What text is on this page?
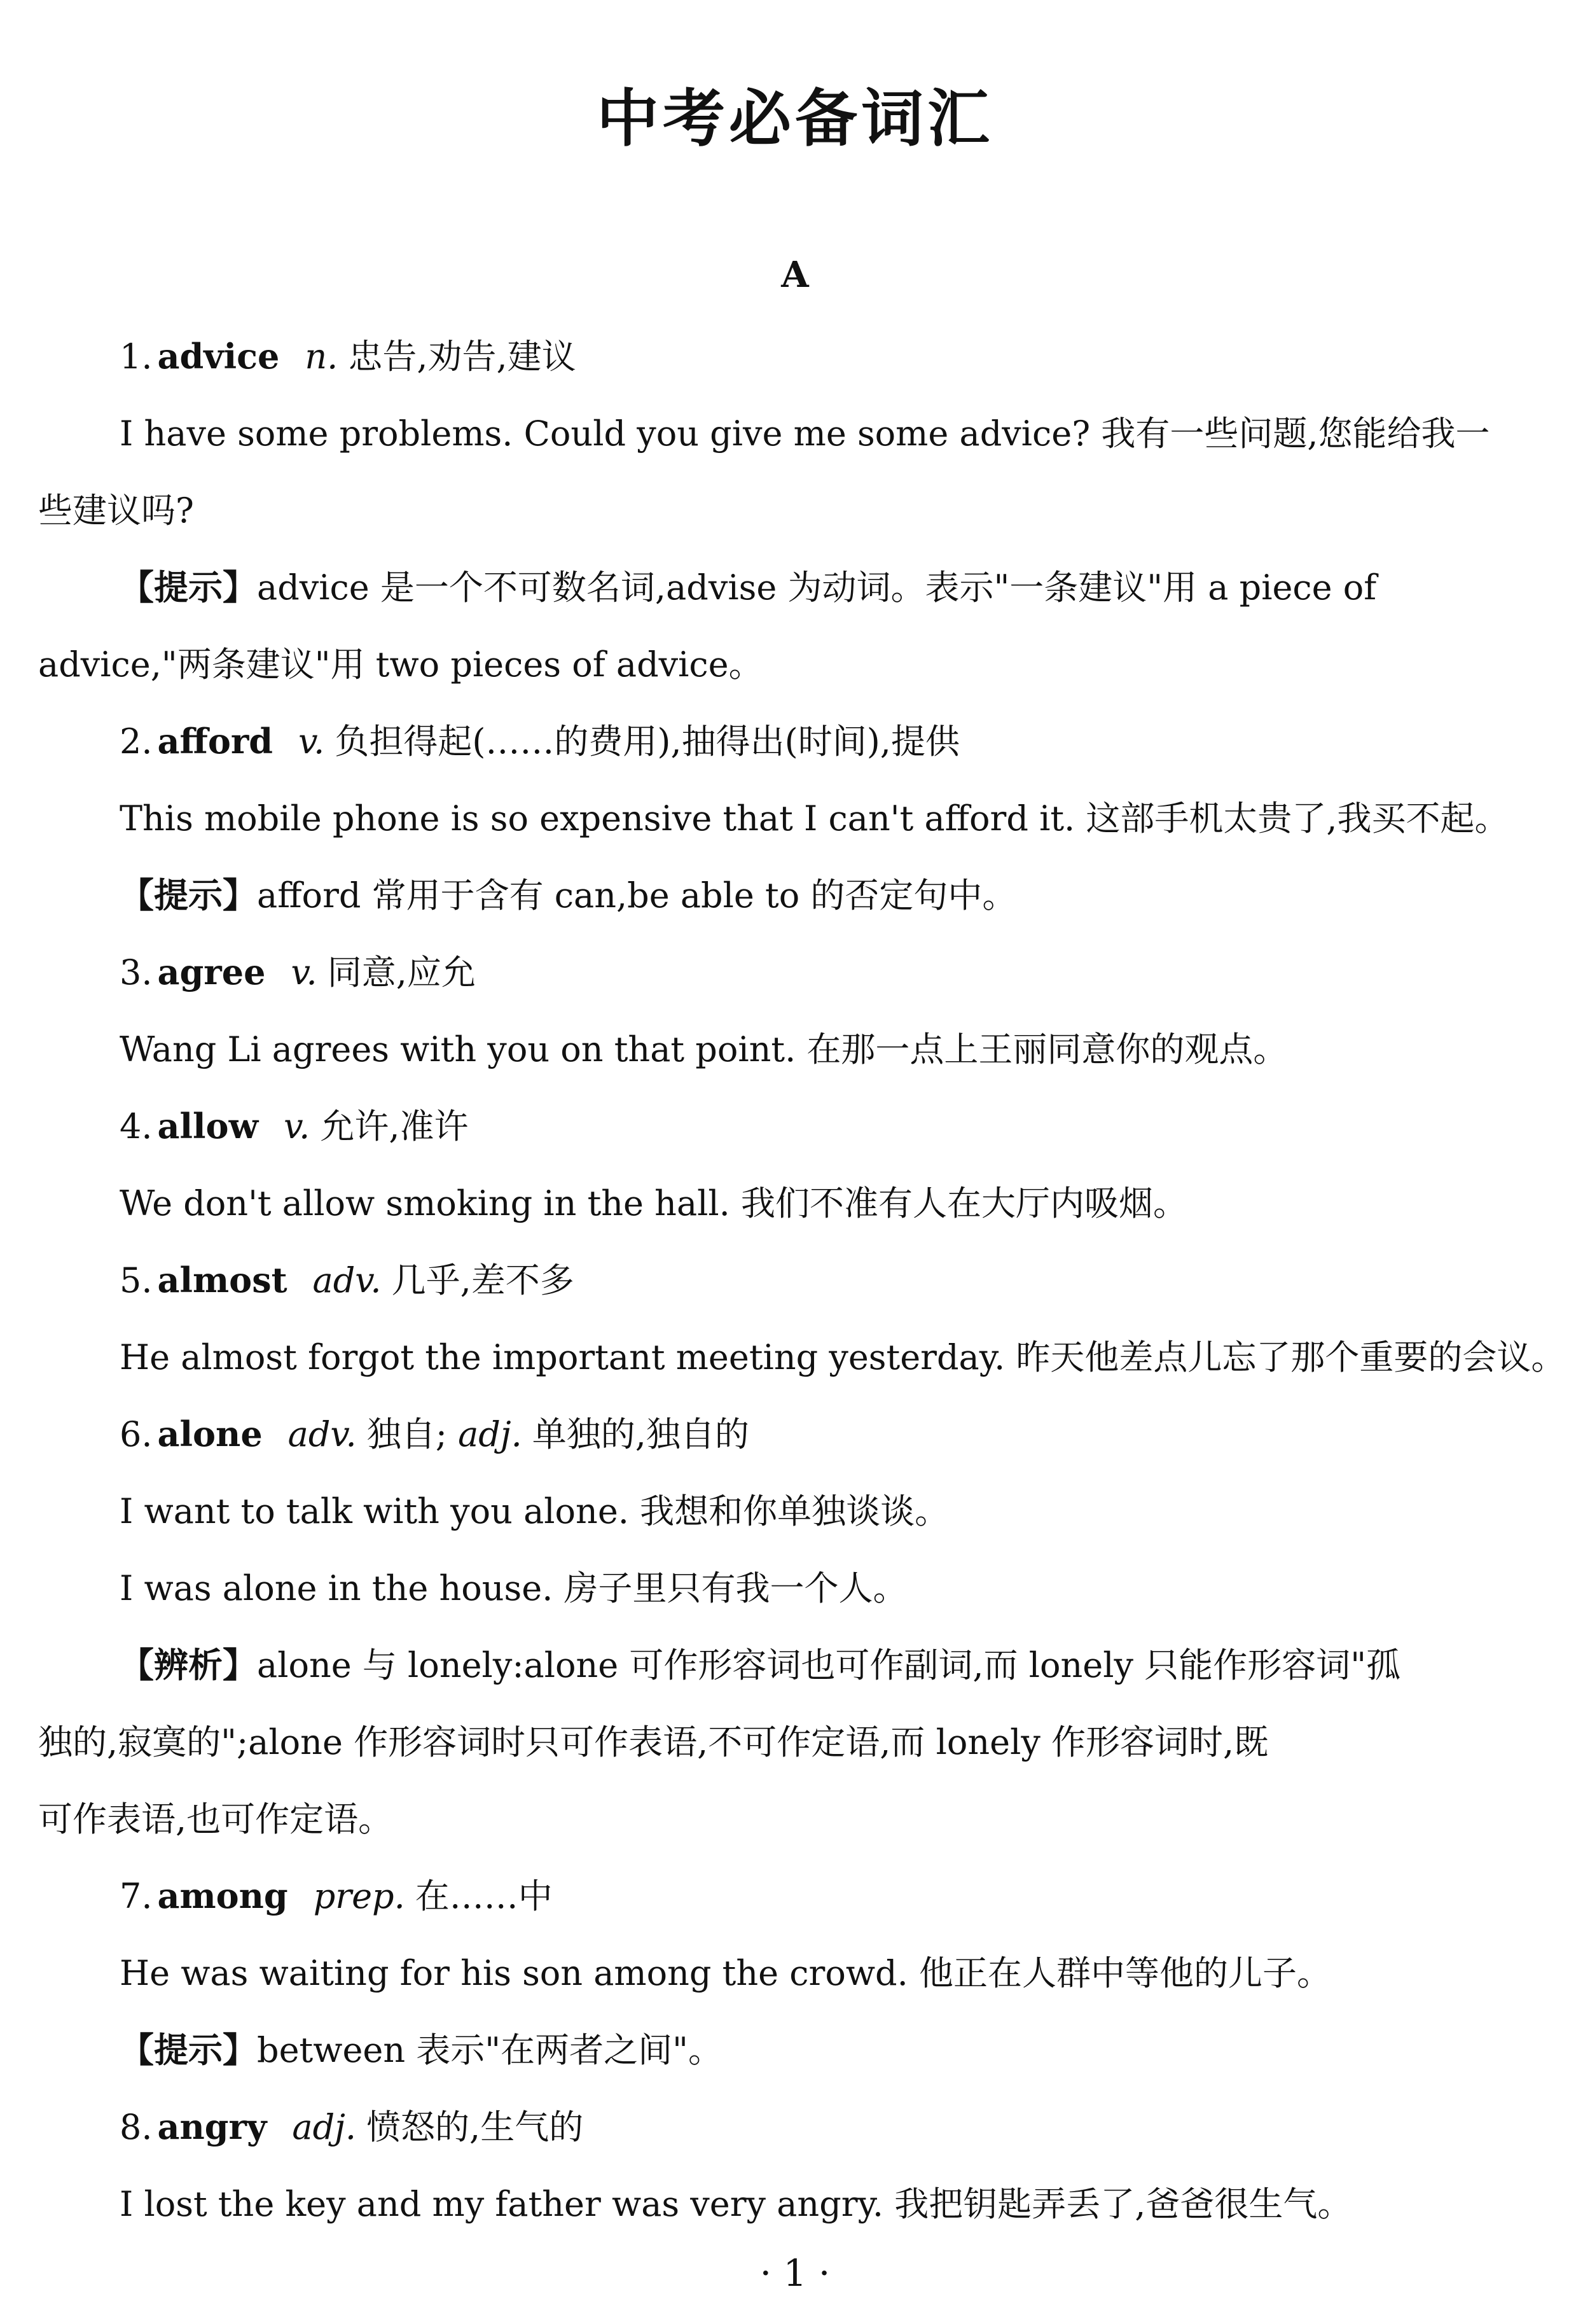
中考必备词汇
A
1. advice n. 忠告,劝告,建议
I have some problems. Could you give me some advice? 我有一些问题,您能给我一
些建议吗?
【提示】advice 是一个不可数名词,advise 为动词。表示"一条建议"用 a piece of
advice,"两条建议"用 two pieces of advice。
2. afford v. 负担得起(……的费用),抽得出(时间),提供
This mobile phone is so expensive that I can't afford it. 这部手机太贵了,我买不起。
【提示】afford 常用于含有 can,be able to 的否定句中。
3. agree v. 同意,应允
Wang Li agrees with you on that point. 在那一点上王丽同意你的观点。
4. allow v. 允许,准许
We don't allow smoking in the hall. 我们不准有人在大厅内吸烟。
5. almost adv. 几乎,差不多
He almost forgot the important meeting yesterday. 昨天他差点儿忘了那个重要的会议。
6. alone adv. 独自; adj. 单独的,独自的
I want to talk with you alone. 我想和你单独谈谈。
I was alone in the house. 房子里只有我一个人。
【辨析】alone 与 lonely:alone 可作形容词也可作副词,而 lonely 只能作形容词"孤
独的,寂寞的";alone 作形容词时只可作表语,不可作定语,而 lonely 作形容词时,既
可作表语,也可作定语。
7. among prep. 在……中
He was waiting for his son among the crowd. 他正在人群中等他的儿子。
【提示】between 表示"在两者之间"。
8. angry adj. 愤怒的,生气的
I lost the key and my father was very angry. 我把钥匙弄丢了,爸爸很生气。
· 1 ·
